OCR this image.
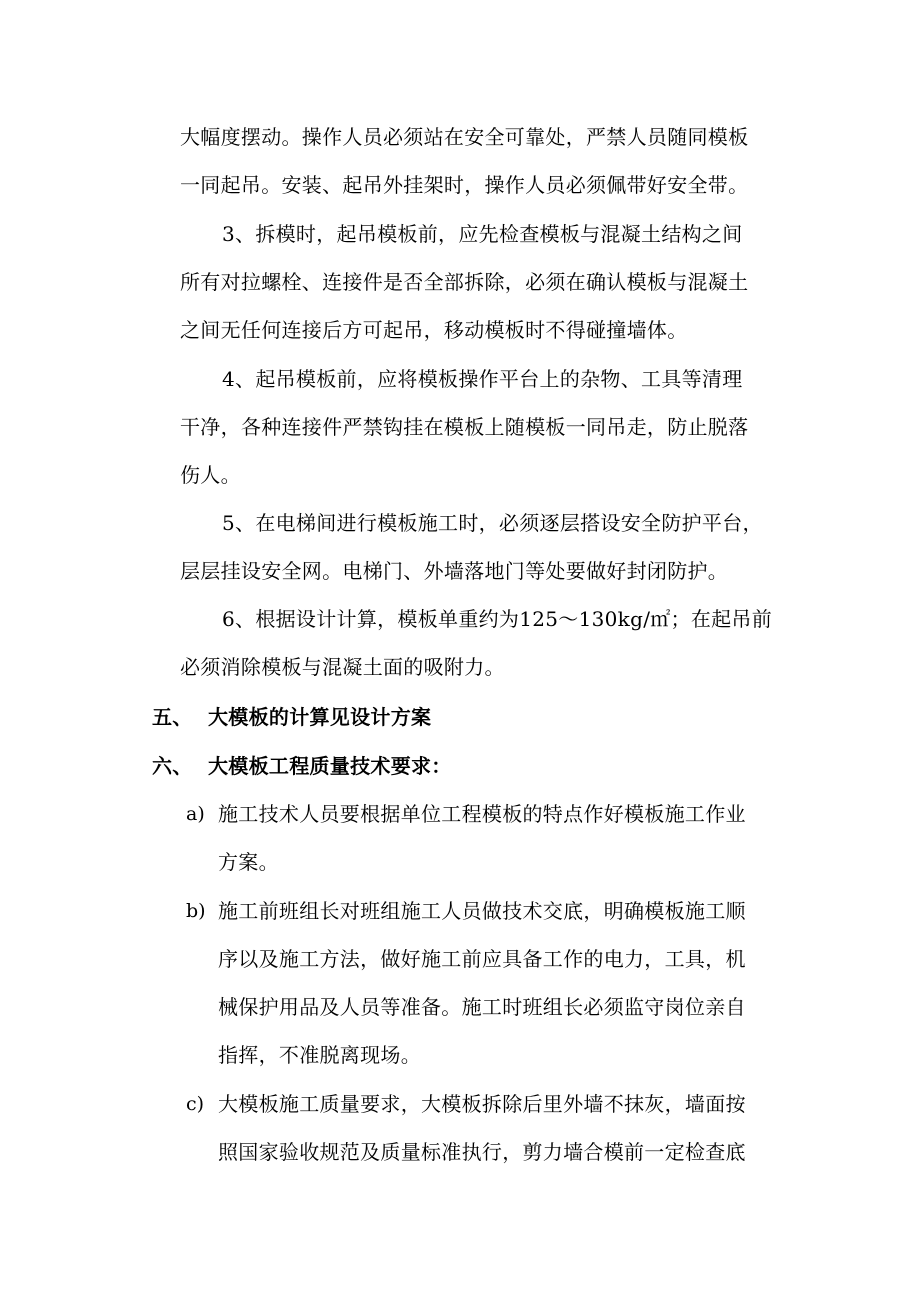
大幅度摆动。操作人员必须站在安全可靠处，严禁人员随同模板
一同起吊。安装、起吊外挂架时，操作人员必须佩带好安全带。
3、拆模时，起吊模板前，应先检查模板与混凝土结构之间
所有对拉螺栓、连接件是否全部拆除，必须在确认模板与混凝土
之间无任何连接后方可起吊，移动模板时不得碰撞墙体。
4、起吊模板前，应将模板操作平台上的杂物、工具等清理
干净，各种连接件严禁钩挂在模板上随模板一同吊走，防止脱落
伤人。
5、在电梯间进行模板施工时，必须逐层搭设安全防护平台，
层层挂设安全网。电梯门、外墙落地门等处要做好封闭防护。
6、根据设计计算，模板单重约为125～130kg/㎡；在起吊前
必须消除模板与混凝土面的吸附力。
五、 大模板的计算见设计方案
六、 大模板工程质量技术要求：
a) 施工技术人员要根据单位工程模板的特点作好模板施工作业
方案。
b) 施工前班组长对班组施工人员做技术交底，明确模板施工顺
序以及施工方法，做好施工前应具备工作的电力，工具，机
械保护用品及人员等准备。施工时班组长必须监守岗位亲自
指挥，不准脱离现场。
c) 大模板施工质量要求，大模板拆除后里外墙不抹灰，墙面按
照国家验收规范及质量标准执行，剪力墙合模前一定检查底
